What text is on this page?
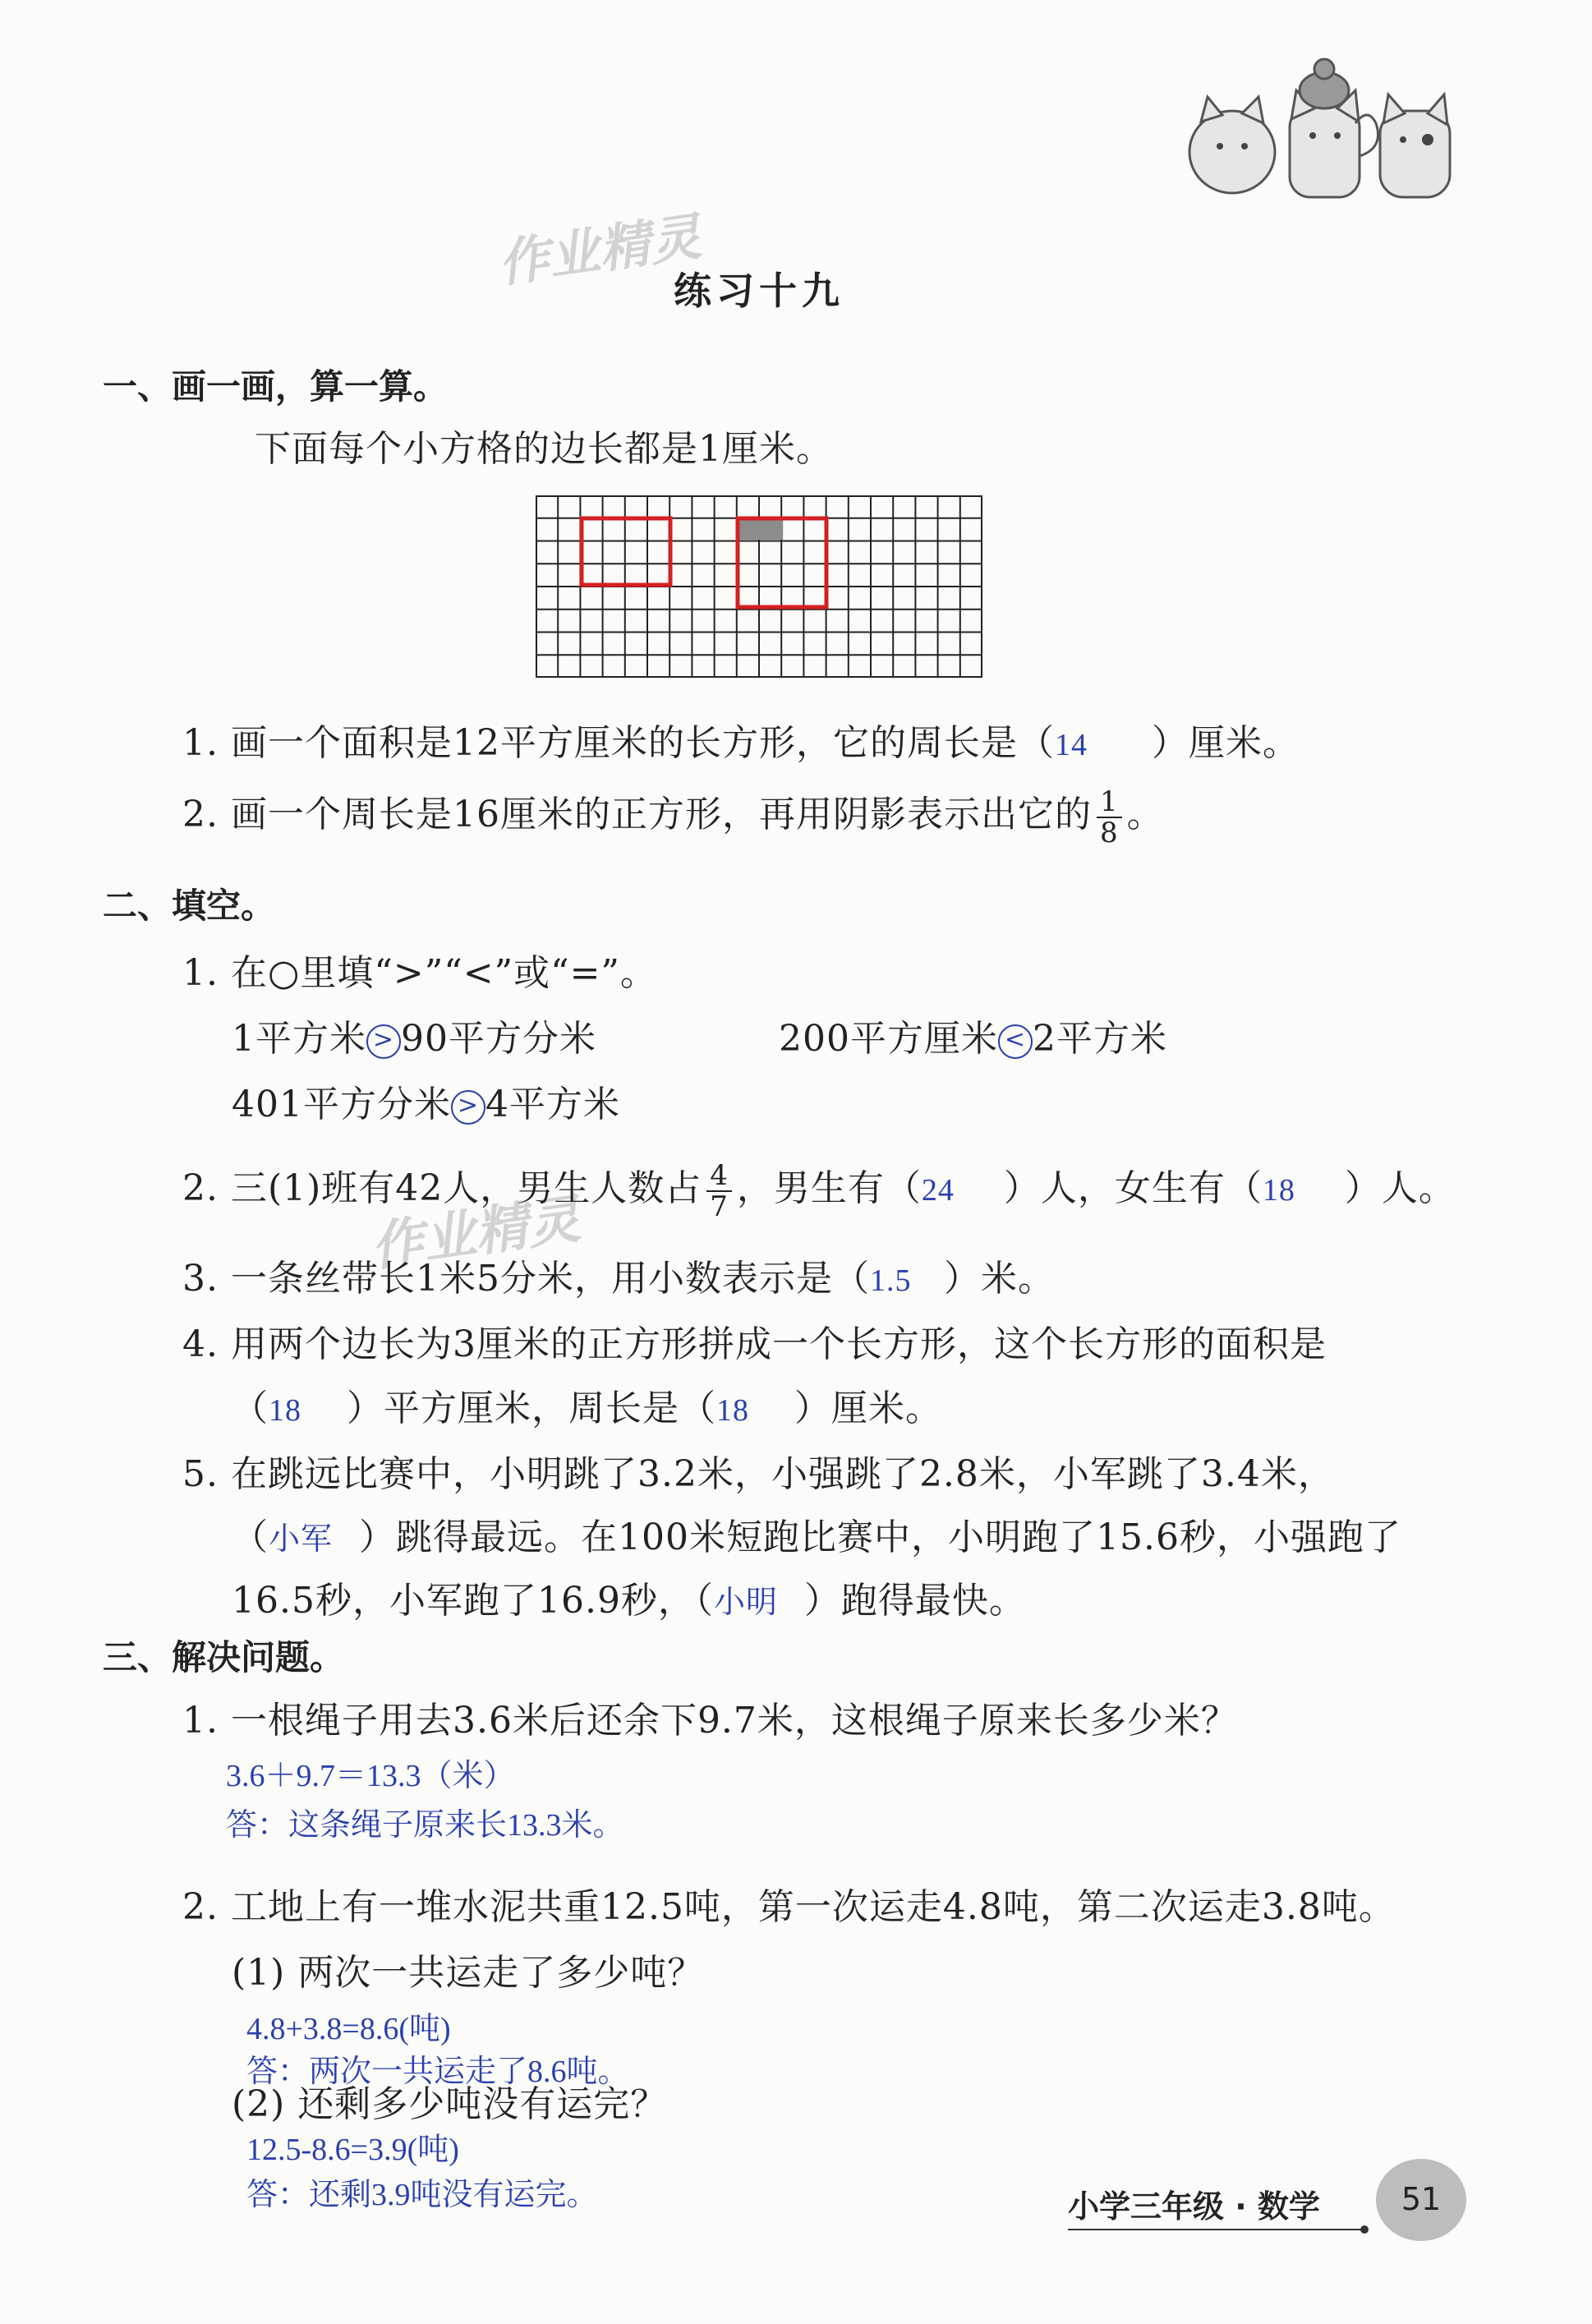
作业精灵
作业精灵
练习十九
一、画一画，算一算。
下面每个小方格的边长都是1厘米。
1. 画一个面积是12平方厘米的长方形，它的周长是（14 ）厘米。
2. 画一个周长是16厘米的正方形，再用阴影表示出它的 $\frac{1}{8}$ 。
二、填空。
1. 在○里填“>”“<”或“=”。
1平方米 > 90平方分米	200平方厘米 < 2平方米
401平方分米 > 4平方米
2. 三(1)班有42人，男生人数占 $\frac{4}{7}$ ，男生有（24 ）人，女生有（18 ）人。
3. 一条丝带长1米5分米，用小数表示是（1.5 ）米。
4. 用两个边长为3厘米的正方形拼成一个长方形，这个长方形的面积是
（18 ）平方厘米，周长是（18 ）厘米。
5. 在跳远比赛中，小明跳了3.2米，小强跳了2.8米，小军跳了3.4米，
（小军 ）跳得最远。在100米短跑比赛中，小明跑了15.6秒，小强跑了
16.5秒，小军跑了16.9秒，（小明 ）跑得最快。
三、解决问题。
1. 一根绳子用去3.6米后还余下9.7米，这根绳子原来长多少米？
3.6＋9.7＝13.3（米）
答：这条绳子原来长13.3米。
2. 工地上有一堆水泥共重12.5吨，第一次运走4.8吨，第二次运走3.8吨。
(1) 两次一共运走了多少吨？
4.8+3.8=8.6(吨)
答：两次一共运走了8.6吨。
(2) 还剩多少吨没有运完？
12.5-8.6=3.9(吨)
答：还剩3.9吨没有运完。	小学三年级 · 数学	51
